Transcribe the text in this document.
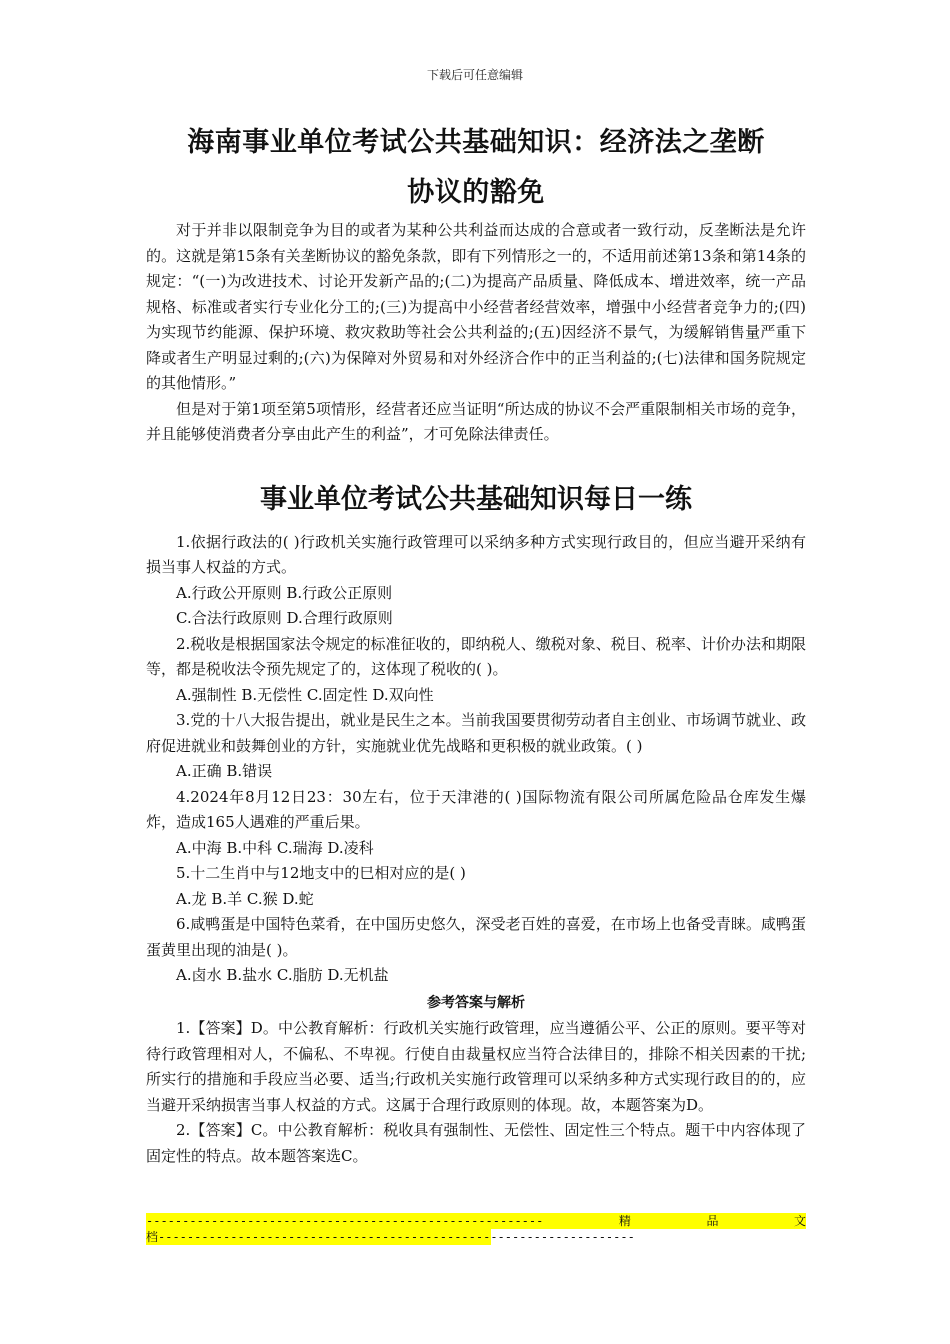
下载后可任意编辑
海南事业单位考试公共基础知识：经济法之垄断
协议的豁免

对于并非以限制竞争为目的或者为某种公共利益而达成的合意或者一致行动，反垄断法是允许的。这就是第15条有关垄断协议的豁免条款，即有下列情形之一的，不适用前述第13条和第14条的规定：“(一)为改进技术、讨论开发新产品的;(二)为提高产品质量、降低成本、增进效率，统一产品规格、标准或者实行专业化分工的;(三)为提高中小经营者经营效率，增强中小经营者竞争力的;(四)为实现节约能源、保护环境、救灾救助等社会公共利益的;(五)因经济不景气，为缓解销售量严重下降或者生产明显过剩的;(六)为保障对外贸易和对外经济合作中的正当利益的;(七)法律和国务院规定的其他情形。”

但是对于第1项至第5项情形，经营者还应当证明“所达成的协议不会严重限制相关市场的竞争，并且能够使消费者分享由此产生的利益”，才可免除法律责任。

事业单位考试公共基础知识每日一练

1.依据行政法的( )行政机关实施行政管理可以采纳多种方式实现行政目的，但应当避开采纳有损当事人权益的方式。

A.行政公开原则 B.行政公正原则

C.合法行政原则 D.合理行政原则

2.税收是根据国家法令规定的标准征收的，即纳税人、缴税对象、税目、税率、计价办法和期限等，都是税收法令预先规定了的，这体现了税收的( )。

A.强制性 B.无偿性 C.固定性 D.双向性

3.党的十八大报告提出，就业是民生之本。当前我国要贯彻劳动者自主创业、市场调节就业、政府促进就业和鼓舞创业的方针，实施就业优先战略和更积极的就业政策。( )

A.正确 B.错误

4.2024年8月12日23：30左右，位于天津港的( )国际物流有限公司所属危险品仓库发生爆炸，造成165人遇难的严重后果。

A.中海 B.中科 C.瑞海 D.凌科

5.十二生肖中与12地支中的巳相对应的是( )

A.龙 B.羊 C.猴 D.蛇

6.咸鸭蛋是中国特色菜肴，在中国历史悠久，深受老百姓的喜爱，在市场上也备受青睐。咸鸭蛋蛋黄里出现的油是( )。

A.卤水 B.盐水 C.脂肪 D.无机盐

参考答案与解析

1.【答案】D。中公教育解析：行政机关实施行政管理，应当遵循公平、公正的原则。要平等对待行政管理相对人，不偏私、不卑视。行使自由裁量权应当符合法律目的，排除不相关因素的干扰;所实行的措施和手段应当必要、适当;行政机关实施行政管理可以采纳多种方式实现行政目的的，应当避开采纳损害当事人权益的方式。这属于合理行政原则的体现。故，本题答案为D。

2.【答案】C。中公教育解析：税收具有强制性、无偿性、固定性三个特点。题干中内容体现了固定性的特点。故本题答案选C。

-------------------------------------------------------	精	品	文
档------------------------------------------------------------------
